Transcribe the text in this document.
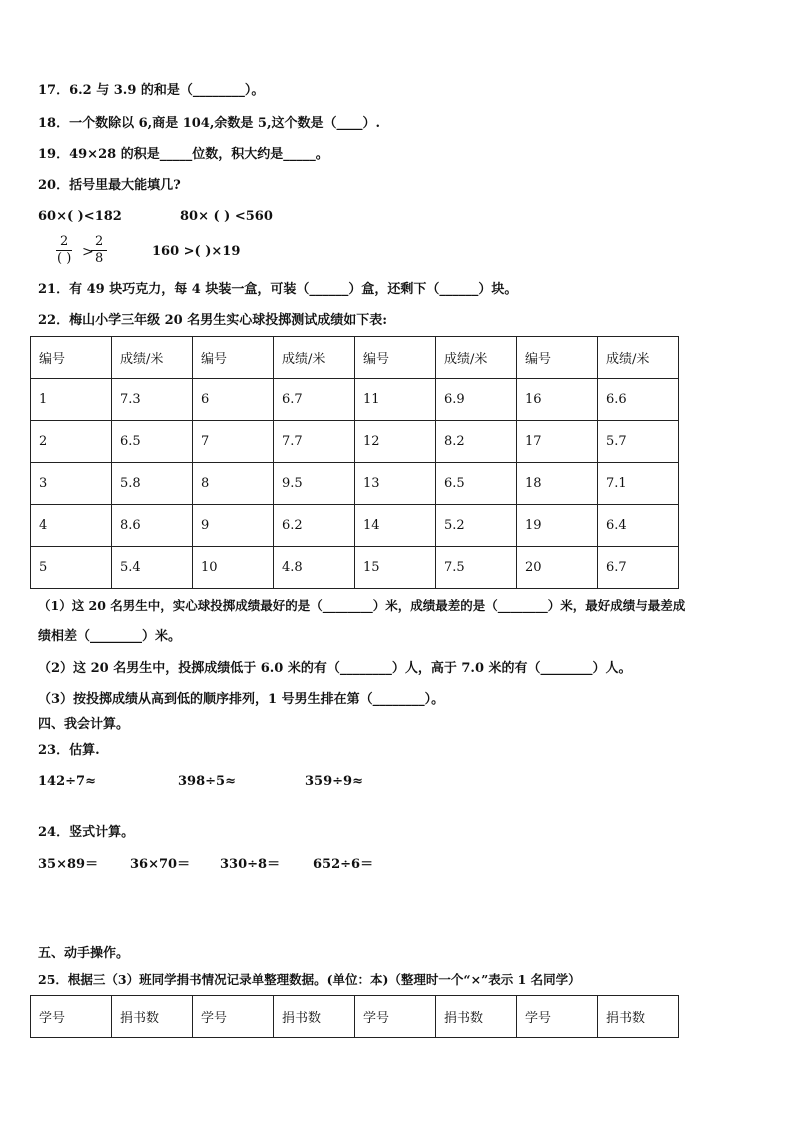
17．6.2 与 3.9 的和是（________）。
18．一个数除以 6,商是 104,余数是 5,这个数是（____）.
19．49×28 的积是_____位数，积大约是_____。
20．括号里最大能填几?
60×( )<182	80× ( ) <560
2
( ) >
$\frac{2}{8}$	160 >( )×19
21．有 49 块巧克力，每 4 块装一盒，可装（______）盒，还剩下（______）块。
22．梅山小学三年级 20 名男生实心球投掷测试成绩如下表:
编号	成绩/米	编号	成绩/米	编号	成绩/米	编号	成绩/米
1	7.3	6	6.7	11	6.9	16	6.6
2	6.5	7	7.7	12	8.2	17	5.7
3	5.8	8	9.5	13	6.5	18	7.1
4	8.6	9	6.2	14	5.2	19	6.4
5	5.4	10	4.8	15	7.5	20	6.7
（1）这 20 名男生中，实心球投掷成绩最好的是（________）米，成绩最差的是（________）米，最好成绩与最差成
绩相差（________）米。
（2）这 20 名男生中，投掷成绩低于 6.0 米的有（________）人，高于 7.0 米的有（________）人。
（3）按投掷成绩从高到低的顺序排列，1 号男生排在第（________）。
四、我会计算。
23．估算.
142÷7≈	398÷5≈	359÷9≈
24．竖式计算。
35×89＝ 36×70＝ 330÷8＝	652÷6＝
五、动手操作。
25．根据三（3）班同学捐书情况记录单整理数据。(单位：本)（整理时一个“×”表示 1 名同学）
学号	捐书数	学号	捐书数	学号	捐书数	学号	捐书数
